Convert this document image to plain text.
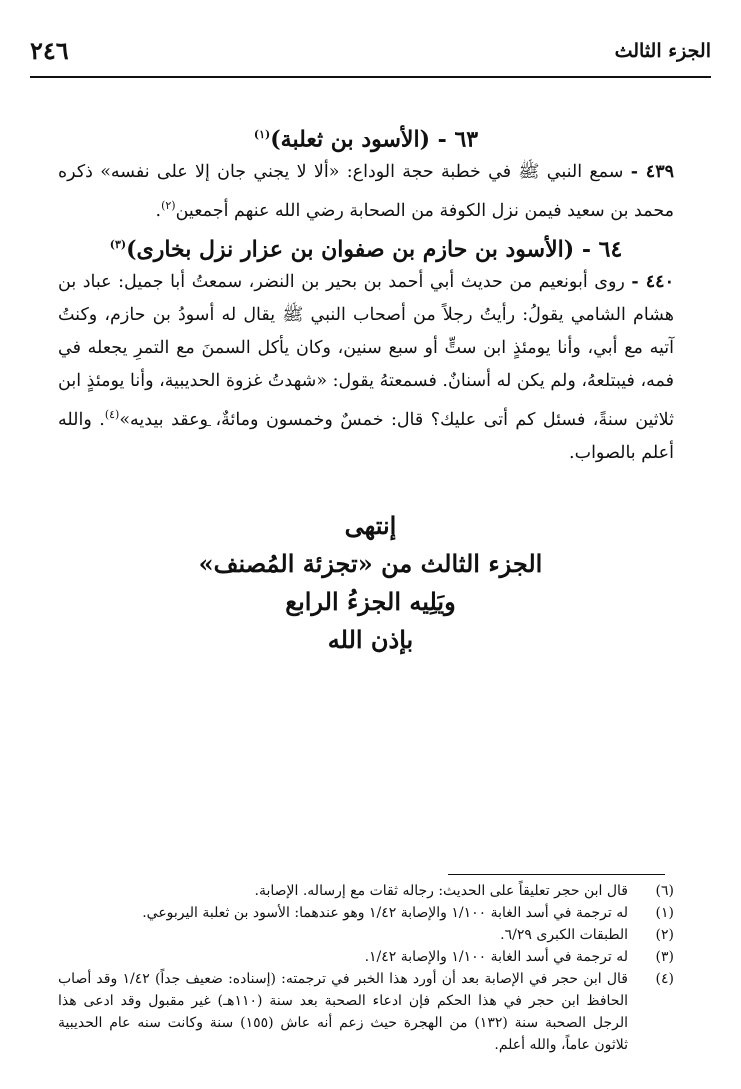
٢٤٦	الجزء الثالث

٦٣ - (الأسود بن ثعلبة)$^{(١)}$

٤٣٩ - سمع النبي ﷺ في خطبة حجة الوداع: «ألا لا يجني جان إلا على نفسه» ذكره محمد بن سعيد فيمن نزل الكوفة من الصحابة رضي الله عنهم أجمعين$^{(٢)}$.

٦٤ - (الأسود بن حازم بن صفوان بن عزار نزل بخارى)$^{(٣)}$

٤٤٠ - روى أبونعيم من حديث أبي أحمد بن بحير بن النضر، سمعتُ أبا جميل: عباد بن هشام الشامي يقولُ: رأيتُ رجلاً من أصحاب النبي ﷺ يقال له أسودُ بن حازم، وكنتُ آتيه مع أبي، وأنا يومئذٍ ابن ستٍّ أو سبع سنين، وكان يأكل السمنَ مع التمرِ يجعله في فمه، فيبتلعهُ، ولم يكن له أسنانٌ. فسمعتهُ يقول: «شهدتُ غزوة الحديبية، وأنا يومئذٍ ابن ثلاثين سنةً، فسئل كم أتى عليك؟ قال: خمسٌ وخمسون ومائةٌ، وعقد بيديه»$^{(٤)}$. والله أعلم بالصواب.

إنتهى
الجزء الثالث من «تجزئة المُصنف»
ويَلِيه الجزءُ الرابع
بإذن الله
(٦)
قال ابن حجر تعليقاً على الحديث: رجاله ثقات مع إرساله. الإصابة.
(١)
له ترجمة في أسد الغابة ١/١٠٠ والإصابة ١/٤٢ وهو عندهما: الأسود بن ثعلبة اليربوعي.
(٢)
الطبقات الكبرى ٦/٢٩.
(٣)
له ترجمة في أسد الغابة ١/١٠٠ والإصابة ١/٤٢.
(٤)
قال ابن حجر في الإصابة بعد أن أورد هذا الخبر في ترجمته: (إسناده: ضعيف جداً) ١/٤٢ وقد أصاب الحافظ ابن حجر في هذا الحكم فإن ادعاء الصحبة بعد سنة (١١٠هـ) غير مقبول وقد ادعى هذا الرجل الصحبة سنة (١٣٢) من الهجرة حيث زعم أنه عاش (١٥٥) سنة وكانت سنه عام الحديبية ثلاثون عاماً، والله أعلم.
